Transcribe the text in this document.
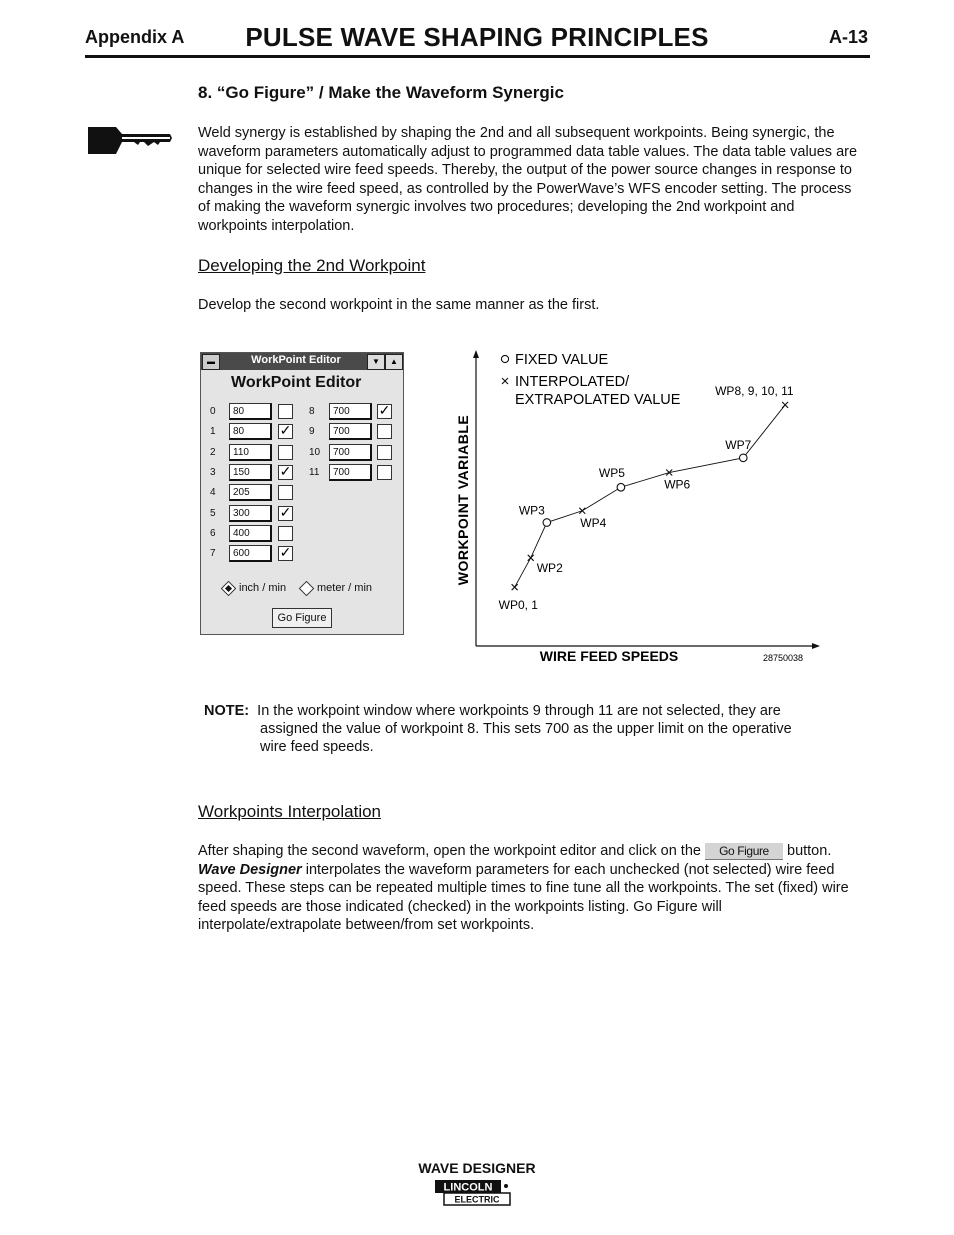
Appendix A	PULSE WAVE SHAPING PRINCIPLES	A-13
8. “Go Figure” / Make the Waveform Synergic
Weld synergy is established by shaping the 2nd and all subsequent workpoints. Being synergic, the waveform parameters automatically adjust to programmed data table values. The data table values are unique for selected wire feed speeds. Thereby, the output of the power source changes in response to changes in the wire feed speed, as controlled by the PowerWave’s WFS encoder setting. The process of making the waveform synergic involves two procedures; developing the 2nd workpoint and workpoints interpolation.
Developing the 2nd Workpoint
Develop the second workpoint in the same manner as the first.
▬	WorkPoint Editor	▼	▲
WorkPoint Editor
0	80
1	80	✓
2	110
3	150	✓
4	205
5	300	✓
6	400
7	600	✓
8	700	✓
9	700
10	700
11	700
inch / min	meter / min
Go Figure
WIRE FEED SPEEDS
WORKPOINT VARIABLE
28750038
FIXED VALUE
INTERPOLATED/
EXTRAPOLATED VALUE
WP0, 1
WP2
WP3
WP4
WP5
WP6
WP7
WP8, 9, 10, 11
NOTE: In the workpoint window where workpoints 9 through 11 are not selected, they are
assigned the value of workpoint 8. This sets 700 as the upper limit on the operative
wire feed speeds.
Workpoints Interpolation
After shaping the second waveform, open the workpoint editor and click on the Go Figure button. Wave Designer interpolates the waveform parameters for each unchecked (not selected) wire feed speed. These steps can be repeated multiple times to fine tune all the workpoints. The set (fixed) wire feed speeds are those indicated (checked) in the workpoints listing. Go Figure will interpolate/extrapolate between/from set workpoints.
WAVE DESIGNER
LINCOLN
ELECTRIC
